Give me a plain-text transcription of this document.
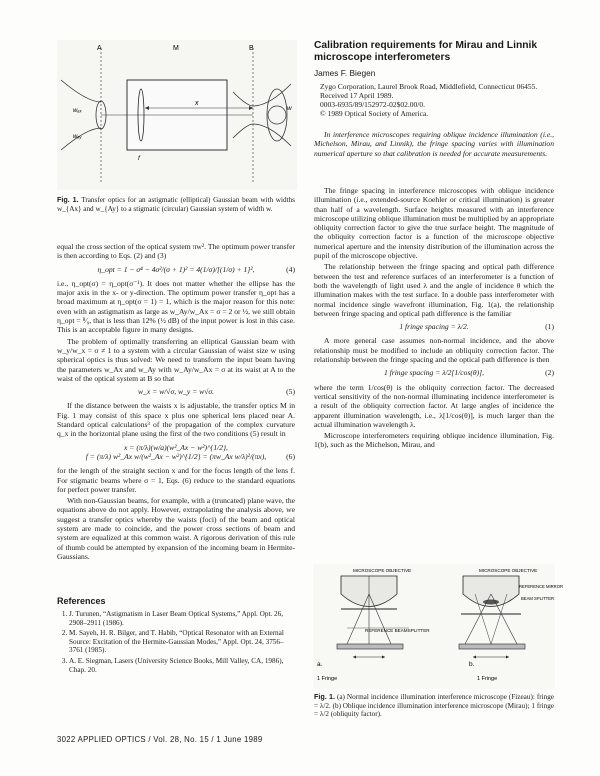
A	M	B
f
x
wₐₓ
wₐᵧ
w
Fig. 1. Transfer optics for an astigmatic (elliptical) Gaussian beam with widths w_{Ax} and w_{Ay} to a stigmatic (circular) Gaussian system of width w.

equal the cross section of the optical system πw². The optimum power transfer is then according to Eqs. (2) and (3)

η_opt = 1 − σ⁴ − 4σ²/(σ + 1)² = 4(1/σ)/[(1/σ) + 1]²,	(4)

i.e., η_opt(σ) = η_opt(σ⁻¹). It does not matter whether the ellipse has the major axis in the x- or y-direction. The optimum power transfer η_opt has a broad maximum at η_opt(σ = 1) = 1, which is the major reason for this note: even with an astigmatism as large as w_Ay/w_Ax = σ = 2 or ½, we still obtain η_opt = ⁸⁄₉, that is less than 12% (½ dB) of the input power is lost in this case. This is an acceptable figure in many designs.

The problem of optimally transferring an elliptical Gaussian beam with w_y/w_x = σ ≠ 1 to a system with a circular Gaussian of waist size w using spherical optics is thus solved: We need to transform the input beam having the parameters w_Ax and w_Ay with w_Ay/w_Ax = σ at its waist at A to the waist of the optical system at B so that

w_x = w/√σ, w_y = w√σ.	(5)

If the distance between the waists x is adjustable, the transfer optics M in Fig. 1 may consist of this space x plus one spherical lens placed near A. Standard optical calculations³ of the propagation of the complex curvature q_x in the horizontal plane using the first of the two conditions (5) result in

x = (π/λ)(w/a)(w²_Ax − w²)^{1/2},
f = (π/λ) w²_Ax w/(w²_Ax − w²)^{1/2} = (πw_Ax w/λ)²/(πx),	(6)

for the length of the straight section x and for the focus length of the lens f. For stigmatic beams where σ = 1, Eqs. (6) reduce to the standard equations for perfect power transfer.

With non-Gaussian beams, for example, with a (truncated) plane wave, the equations above do not apply. However, extrapolating the analysis above, we suggest a transfer optics whereby the waists (foci) of the beam and optical system are made to coincide, and the power cross sections of beam and system are equalized at this common waist. A rigorous derivation of this rule of thumb could be attempted by expansion of the incoming beam in Hermite-Gaussians.

References
1. J. Turunen, “Astigmatism in Laser Beam Optical Systems,” Appl. Opt. 26, 2908–2911 (1986).
2. M. Sayeh, H. R. Bilger, and T. Habib, “Optical Resonator with an External Source: Excitation of the Hermite-Gaussian Modes,” Appl. Opt. 24, 3756–3761 (1985).
3. A. E. Siegman, Lasers (University Science Books, Mill Valley, CA, 1986), Chap. 20.
3022 APPLIED OPTICS / Vol. 28, No. 15 / 1 June 1989
Calibration requirements for Mirau and Linnik microscope interferometers
James F. Biegen
Zygo Corporation, Laurel Brook Road, Middlefield, Connecticut 06455.
Received 17 April 1989.
0003-6935/89/152972-02$02.00/0.
© 1989 Optical Society of America.
In interference microscopes requiring oblique incidence illumination (i.e., Michelson, Mirau, and Linnik), the fringe spacing varies with illumination numerical aperture so that calibration is needed for accurate measurements.

The fringe spacing in interference microscopes with oblique incidence illumination (i.e., extended-source Koehler or critical illumination) is greater than half of a wavelength. Surface heights measured with an interference microscope utilizing oblique illumination must be multiplied by an appropriate obliquity correction factor to give the true surface height. The magnitude of the obliquity correction factor is a function of the microscope objective numerical aperture and the intensity distribution of the illumination across the pupil of the microscope objective.

The relationship between the fringe spacing and optical path difference between the test and reference surfaces of an interferometer is a function of both the wavelength of light used λ and the angle of incidence θ which the illumination makes with the test surface. In a double pass interferometer with normal incidence single wavefront illumination, Fig. 1(a), the relationship between fringe spacing and optical path difference is the familiar

1 fringe spacing = λ/2.	(1)

A more general case assumes non-normal incidence, and the above relationship must be modified to include an obliquity correction factor. The relationship between the fringe spacing and the optical path difference is then

1 fringe spacing = λ/2[1/cos(θ)],	(2)

where the term 1/cos(θ) is the obliquity correction factor. The decreased vertical sensitivity of the non-normal illuminating incidence interferometer is a result of the obliquity correction factor. At large angles of incidence the apparent illumination wavelength, i.e., λ[1/cos(θ)], is much larger than the actual illumination wavelength λ.

Microscope interferometers requiring oblique incidence illumination, Fig. 1(b), such as the Michelson, Mirau, and

MICROSCOPE OBJECTIVE
REFERENCE BEAMSPLITTER
a.
1 Fringe
MICROSCOPE OBJECTIVE
REFERENCE MIRROR
BEAM SPLITTER
b.
1 Fringe
Fig. 1. (a) Normal incidence illumination interference microscope (Fizeau): fringe = λ/2. (b) Oblique incidence illumination interference microscope (Mirau); 1 fringe = λ/2 (obliquity factor).
